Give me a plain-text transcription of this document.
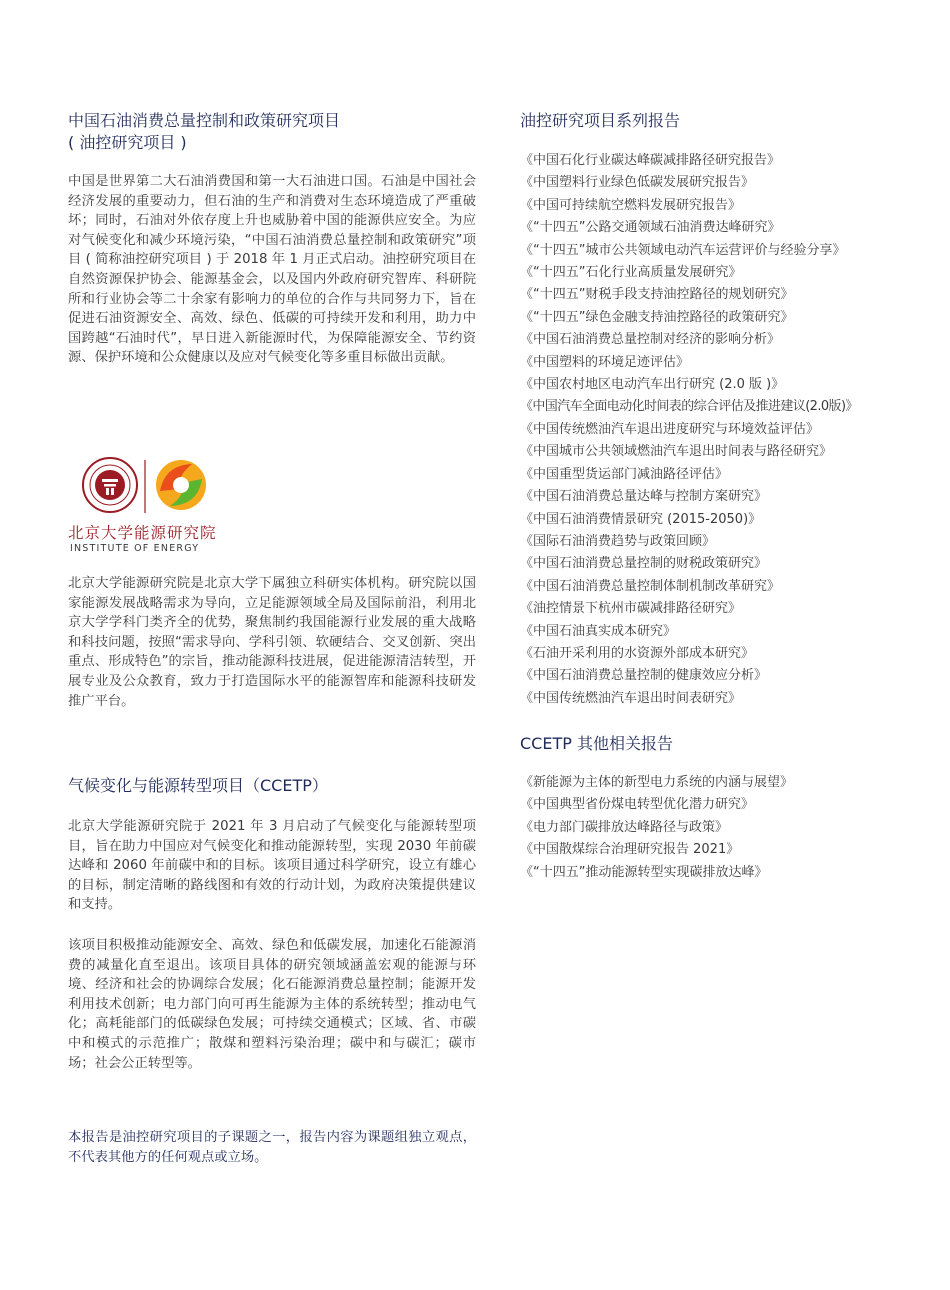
中国石油消费总量控制和政策研究项目
( 油控研究项目 )

中国是世界第二大石油消费国和第一大石油进口国。石油是中国社会经济发展的重要动力，但石油的生产和消费对生态环境造成了严重破坏；同时，石油对外依存度上升也威胁着中国的能源供应安全。为应对气候变化和减少环境污染，“中国石油消费总量控制和政策研究”项目 ( 简称油控研究项目 ) 于 2018 年 1 月正式启动。油控研究项目在自然资源保护协会、能源基金会，以及国内外政府研究智库、科研院所和行业协会等二十余家有影响力的单位的合作与共同努力下，旨在促进石油资源安全、高效、绿色、低碳的可持续开发和利用，助力中国跨越“石油时代”，早日进入新能源时代，为保障能源安全、节约资源、保护环境和公众健康以及应对气候变化等多重目标做出贡献。

北京大学能源研究院
INSTITUTE OF ENERGY

北京大学能源研究院是北京大学下属独立科研实体机构。研究院以国家能源发展战略需求为导向，立足能源领域全局及国际前沿，利用北京大学学科门类齐全的优势，聚焦制约我国能源行业发展的重大战略和科技问题，按照“需求导向、学科引领、软硬结合、交叉创新、突出重点、形成特色”的宗旨，推动能源科技进展，促进能源清洁转型，开展专业及公众教育，致力于打造国际水平的能源智库和能源科技研发推广平台。

气候变化与能源转型项目（CCETP）

北京大学能源研究院于 2021 年 3 月启动了气候变化与能源转型项目，旨在助力中国应对气候变化和推动能源转型，实现 2030 年前碳达峰和 2060 年前碳中和的目标。该项目通过科学研究，设立有雄心的目标，制定清晰的路线图和有效的行动计划，为政府决策提供建议和支持。

该项目积极推动能源安全、高效、绿色和低碳发展，加速化石能源消费的减量化直至退出。该项目具体的研究领域涵盖宏观的能源与环境、经济和社会的协调综合发展；化石能源消费总量控制；能源开发利用技术创新；电力部门向可再生能源为主体的系统转型；推动电气化；高耗能部门的低碳绿色发展；可持续交通模式；区域、省、市碳中和模式的示范推广；散煤和塑料污染治理；碳中和与碳汇；碳市场；社会公正转型等。

本报告是油控研究项目的子课题之一，报告内容为课题组独立观点，不代表其他方的任何观点或立场。

油控研究项目系列报告
《中国石化行业碳达峰碳减排路径研究报告》
《中国塑料行业绿色低碳发展研究报告》
《中国可持续航空燃料发展研究报告》
《“十四五”公路交通领域石油消费达峰研究》
《“十四五”城市公共领域电动汽车运营评价与经验分享》
《“十四五”石化行业高质量发展研究》
《“十四五”财税手段支持油控路径的规划研究》
《“十四五”绿色金融支持油控路径的政策研究》
《中国石油消费总量控制对经济的影响分析》
《中国塑料的环境足迹评估》
《中国农村地区电动汽车出行研究 (2.0 版 )》
《中国汽车全面电动化时间表的综合评估及推进建议(2.0版)》
《中国传统燃油汽车退出进度研究与环境效益评估》
《中国城市公共领域燃油汽车退出时间表与路径研究》
《中国重型货运部门减油路径评估》
《中国石油消费总量达峰与控制方案研究》
《中国石油消费情景研究 (2015-2050)》
《国际石油消费趋势与政策回顾》
《中国石油消费总量控制的财税政策研究》
《中国石油消费总量控制体制机制改革研究》
《油控情景下杭州市碳减排路径研究》
《中国石油真实成本研究》
《石油开采利用的水资源外部成本研究》
《中国石油消费总量控制的健康效应分析》
《中国传统燃油汽车退出时间表研究》
CCETP 其他相关报告
《新能源为主体的新型电力系统的内涵与展望》
《中国典型省份煤电转型优化潜力研究》
《电力部门碳排放达峰路径与政策》
《中国散煤综合治理研究报告 2021》
《“十四五”推动能源转型实现碳排放达峰》
